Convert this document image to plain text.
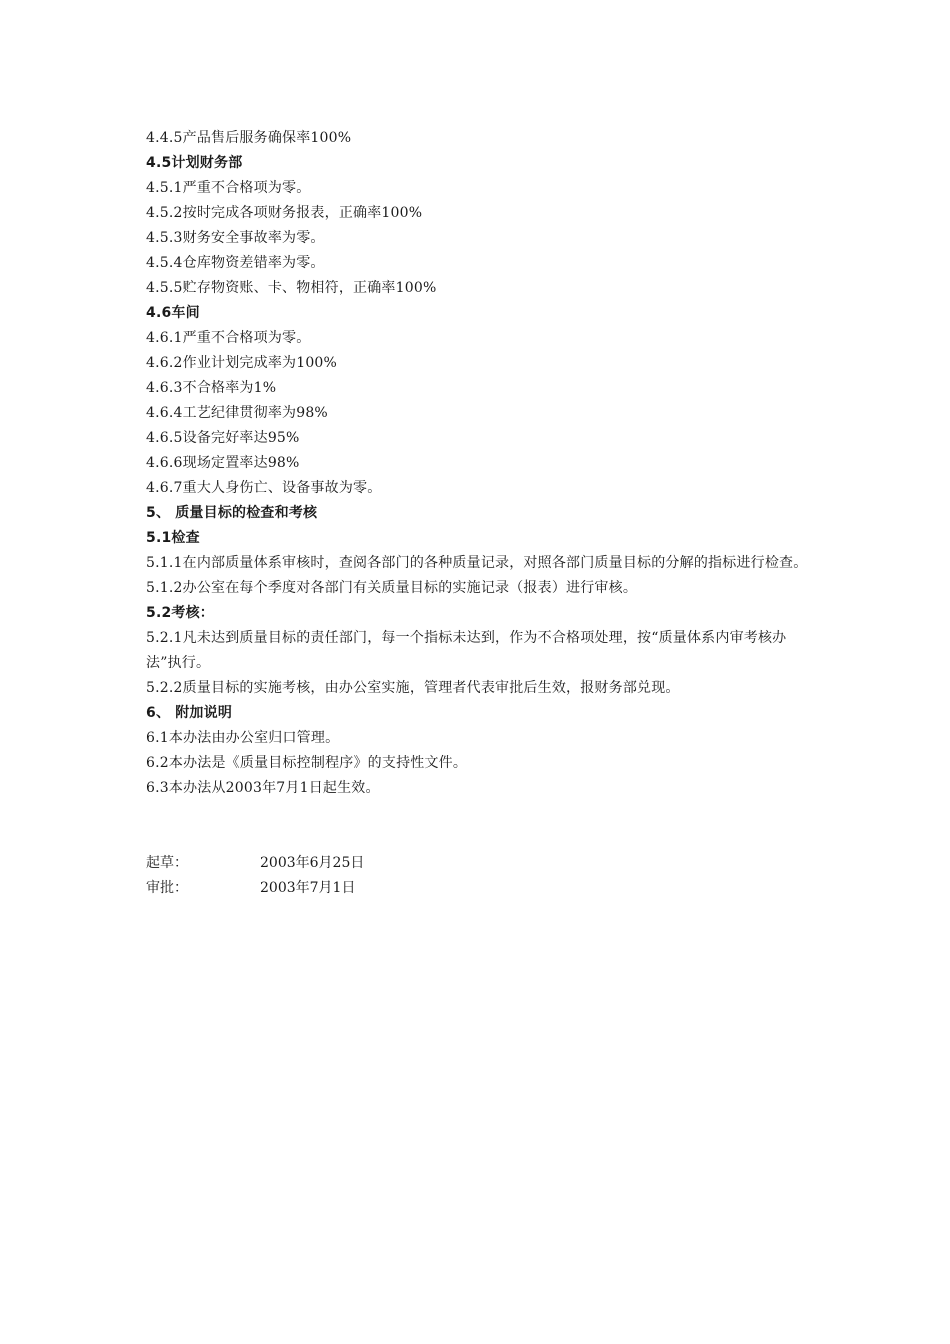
4.4.5产品售后服务确保率100%
4.5计划财务部
4.5.1严重不合格项为零。
4.5.2按时完成各项财务报表，正确率100%
4.5.3财务安全事故率为零。
4.5.4仓库物资差错率为零。
4.5.5贮存物资账、卡、物相符，正确率100%
4.6车间
4.6.1严重不合格项为零。
4.6.2作业计划完成率为100%
4.6.3不合格率为1%
4.6.4工艺纪律贯彻率为98%
4.6.5设备完好率达95%
4.6.6现场定置率达98%
4.6.7重大人身伤亡、设备事故为零。
5、 质量目标的检查和考核
5.1检查
5.1.1在内部质量体系审核时，查阅各部门的各种质量记录，对照各部门质量目标的分解的指标进行检查。
5.1.2办公室在每个季度对各部门有关质量目标的实施记录（报表）进行审核。
5.2考核：
5.2.1凡未达到质量目标的责任部门，每一个指标未达到，作为不合格项处理，按“质量体系内审考核办法”执行。
5.2.2质量目标的实施考核，由办公室实施，管理者代表审批后生效，报财务部兑现。
6、 附加说明
6.1本办法由办公室归口管理。
6.2本办法是《质量目标控制程序》的支持性文件。
6.3本办法从2003年7月1日起生效。
起草：	2003年6月25日
审批：	2003年7月1日
